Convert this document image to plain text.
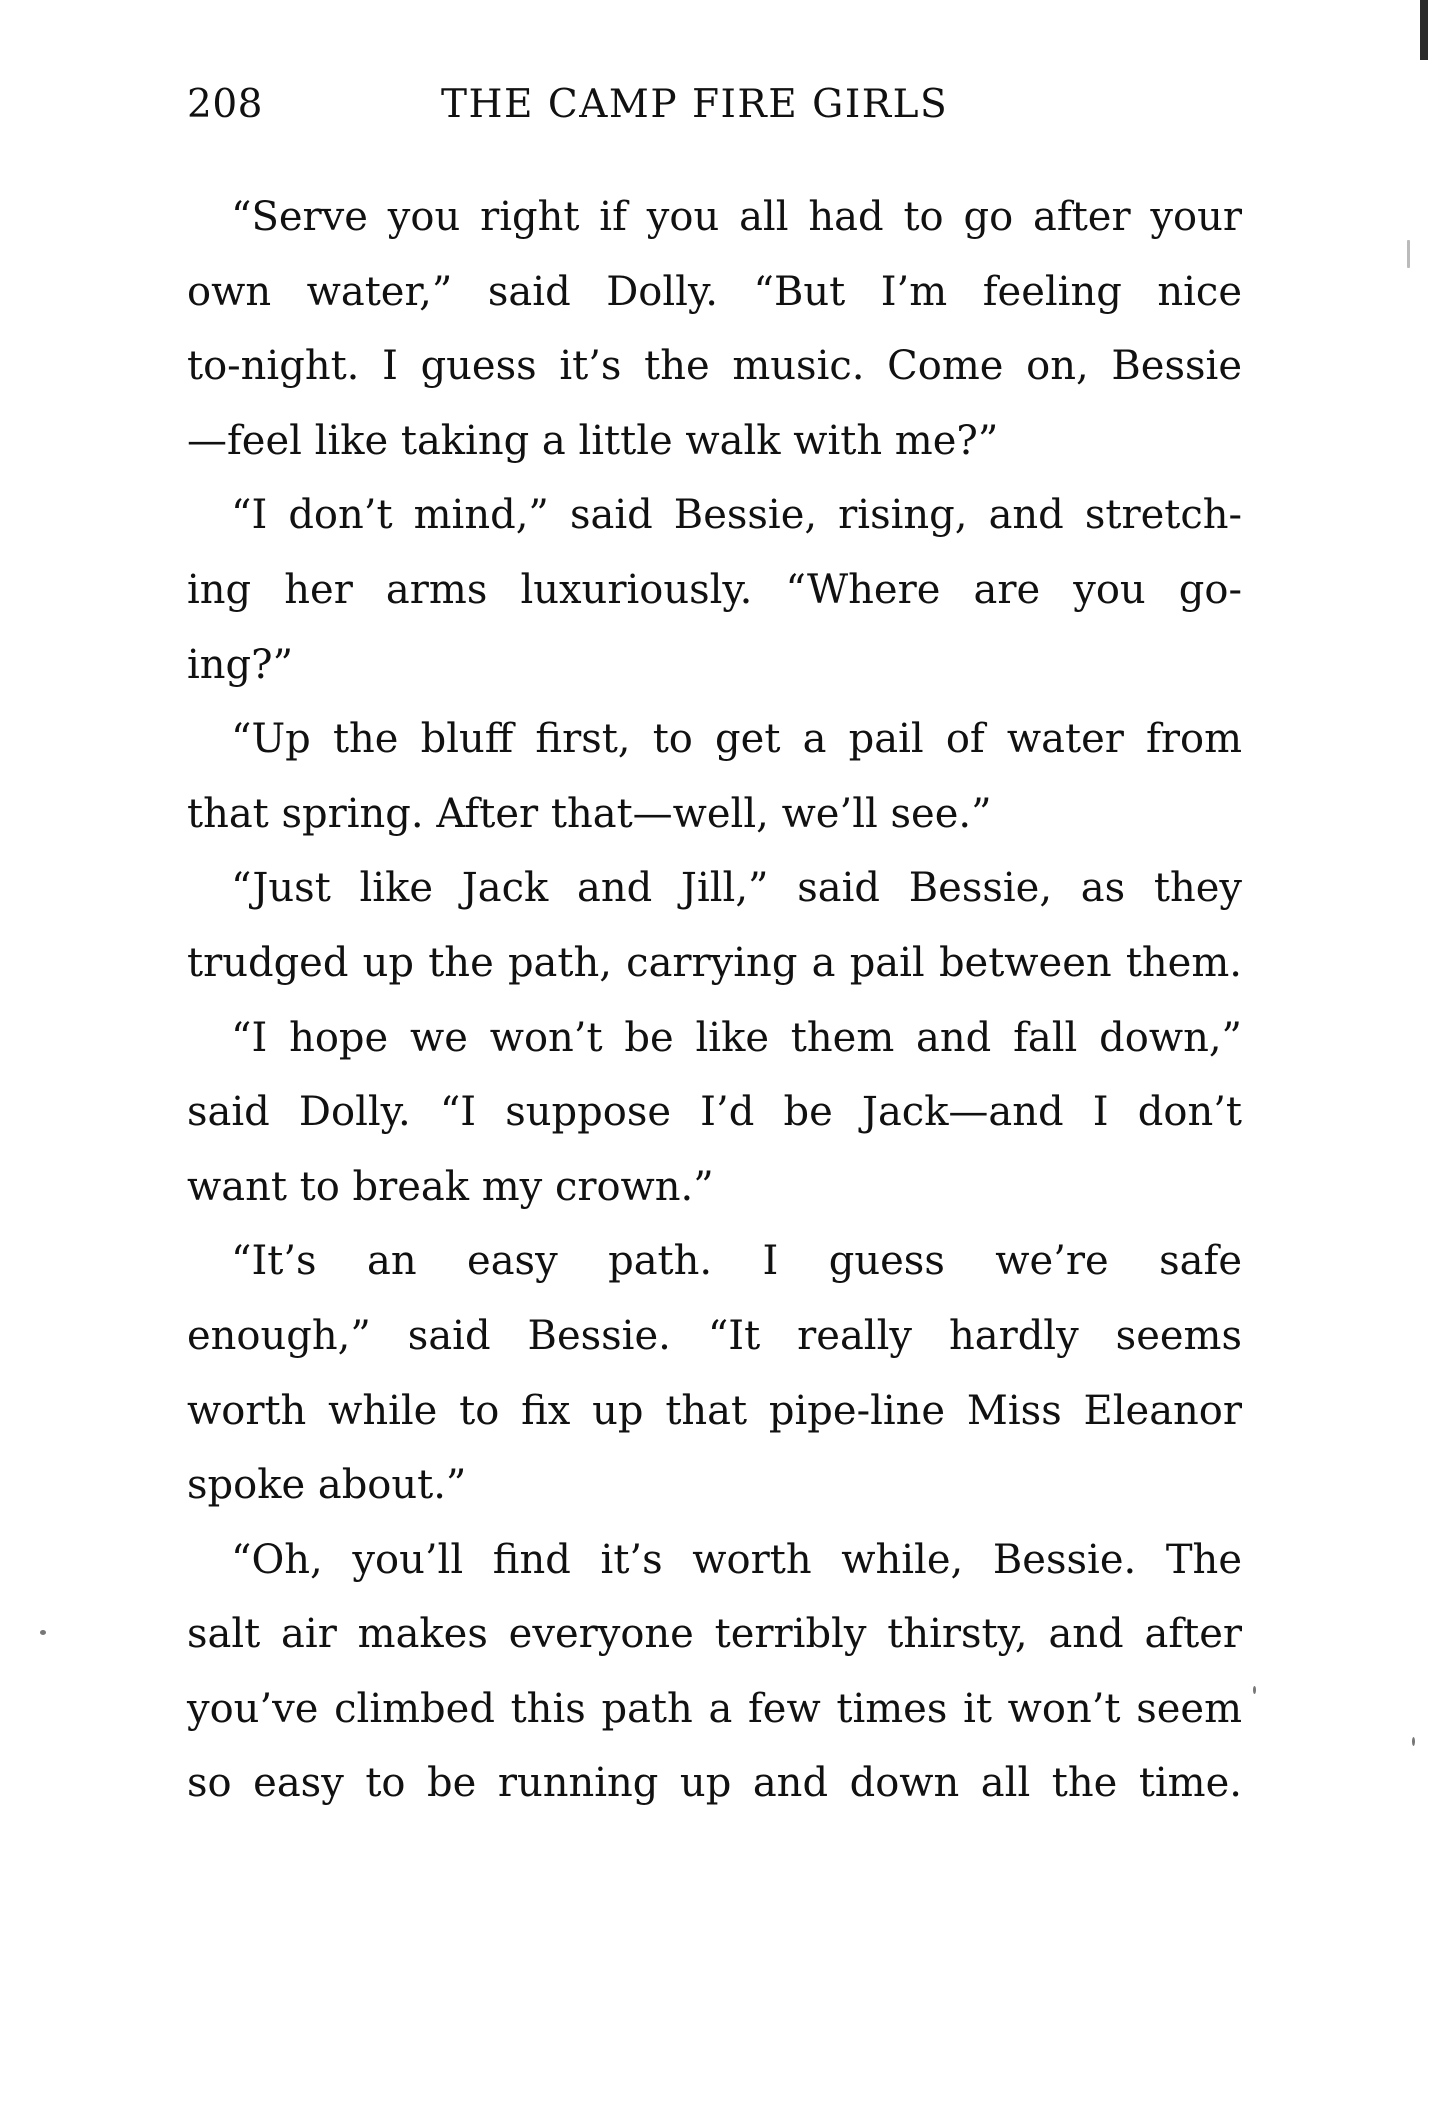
208	THE CAMP FIRE GIRLS
“Serve you right if you all had to go after your
own water,” said Dolly. “But I’m feeling nice
to-night. I guess it’s the music. Come on, Bessie
—feel like taking a little walk with me?”
“I don’t mind,” said Bessie, rising, and stretch-
ing her arms luxuriously. “Where are you go-
ing?”
“Up the bluff first, to get a pail of water from
that spring. After that—well, we’ll see.”
“Just like Jack and Jill,” said Bessie, as they
trudged up the path, carrying a pail between them.
“I hope we won’t be like them and fall down,”
said Dolly. “I suppose I’d be Jack—and I don’t
want to break my crown.”
“It’s an easy path. I guess we’re safe
enough,” said Bessie. “It really hardly seems
worth while to fix up that pipe-line Miss Eleanor
spoke about.”
“Oh, you’ll find it’s worth while, Bessie. The
salt air makes everyone terribly thirsty, and after
you’ve climbed this path a few times it won’t seem
so easy to be running up and down all the time.
